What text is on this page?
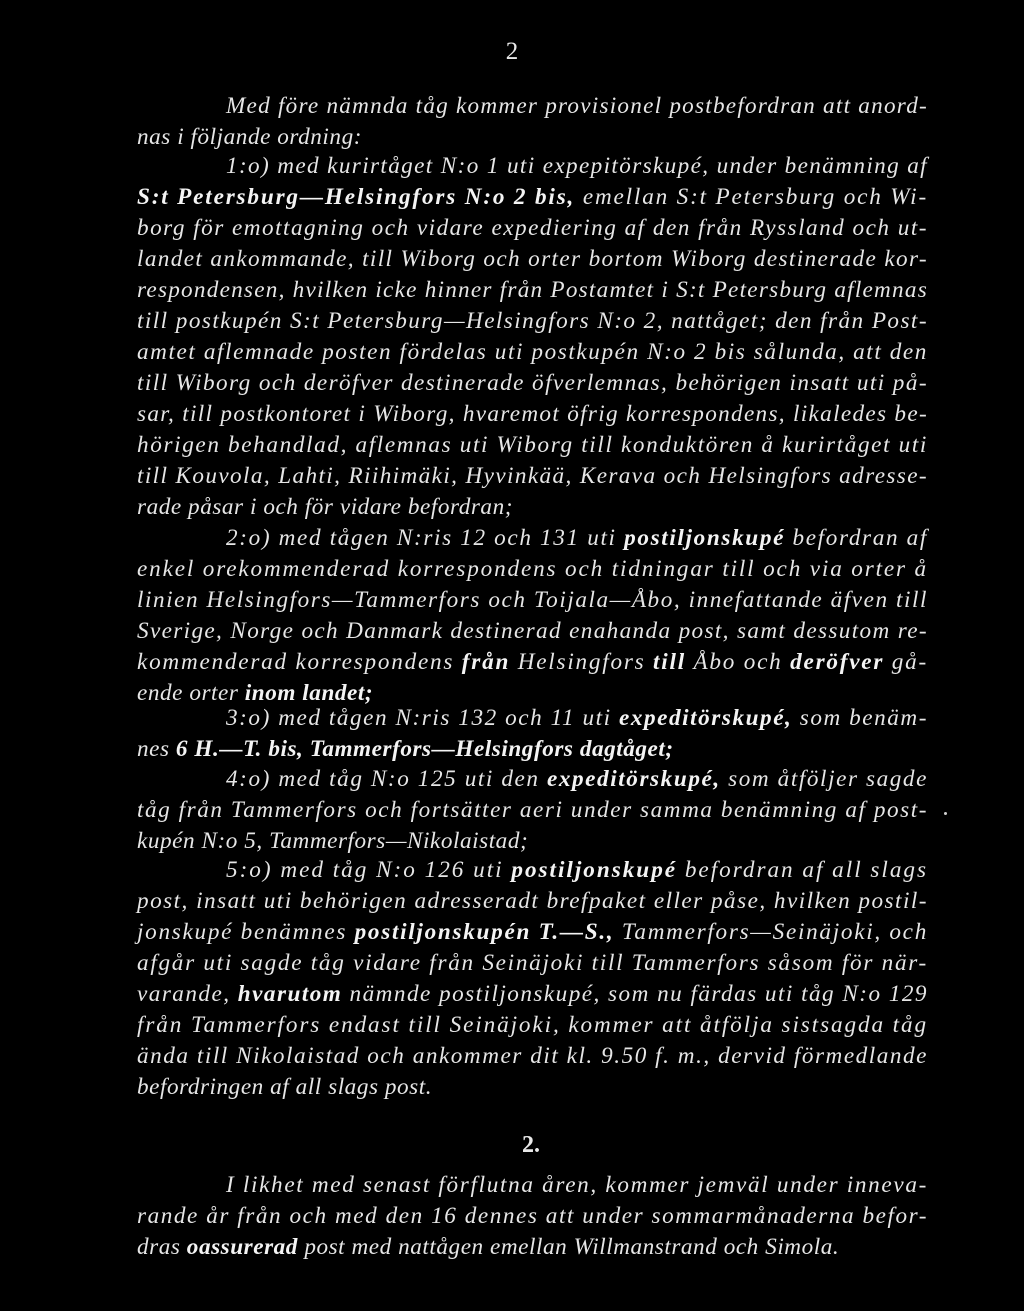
2
Med före nämnda tåg kommer provisionel postbefordran att anord-
nas i följande ordning:
1:o) med kurirtåget N:o 1 uti expepitörskupé, under benämning af
S:t Petersburg—Helsingfors N:o 2 bis, emellan S:t Petersburg och Wi-
borg för emottagning och vidare expediering af den från Ryssland och ut-
landet ankommande, till Wiborg och orter bortom Wiborg destinerade kor-
respondensen, hvilken icke hinner från Postamtet i S:t Petersburg aflemnas
till postkupén S:t Petersburg—Helsingfors N:o 2, nattåget; den från Post-
amtet aflemnade posten fördelas uti postkupén N:o 2 bis sålunda, att den
till Wiborg och deröfver destinerade öfverlemnas, behörigen insatt uti på-
sar, till postkontoret i Wiborg, hvaremot öfrig korrespondens, likaledes be-
hörigen behandlad, aflemnas uti Wiborg till konduktören å kurirtåget uti
till Kouvola, Lahti, Riihimäki, Hyvinkää, Kerava och Helsingfors adresse-
rade påsar i och för vidare befordran;
2:o) med tågen N:ris 12 och 131 uti postiljonskupé befordran af
enkel orekommenderad korrespondens och tidningar till och via orter å
linien Helsingfors—Tammerfors och Toijala—Åbo, innefattande äfven till
Sverige, Norge och Danmark destinerad enahanda post, samt dessutom re-
kommenderad korrespondens från Helsingfors till Åbo och deröfver gå-
ende orter inom landet;
3:o) med tågen N:ris 132 och 11 uti expeditörskupé, som benäm-
nes 6 H.—T. bis, Tammerfors—Helsingfors dagtåget;
4:o) med tåg N:o 125 uti den expeditörskupé, som åtföljer sagde
tåg från Tammerfors och fortsätter aeri under samma benämning af post-
kupén N:o 5, Tammerfors—Nikolaistad;
5:o) med tåg N:o 126 uti postiljonskupé befordran af all slags
post, insatt uti behörigen adresseradt brefpaket eller påse, hvilken postil-
jonskupé benämnes postiljonskupén T.—S., Tammerfors—Seinäjoki, och
afgår uti sagde tåg vidare från Seinäjoki till Tammerfors såsom för när-
varande, hvarutom nämnde postiljonskupé, som nu färdas uti tåg N:o 129
från Tammerfors endast till Seinäjoki, kommer att åtfölja sistsagda tåg
ända till Nikolaistad och ankommer dit kl. 9.50 f. m., dervid förmedlande
befordringen af all slags post.
I likhet med senast förflutna åren, kommer jemväl under inneva-
rande år från och med den 16 dennes att under sommarmånaderna befor-
dras oassurerad post med nattågen emellan Willmanstrand och Simola.
2.
